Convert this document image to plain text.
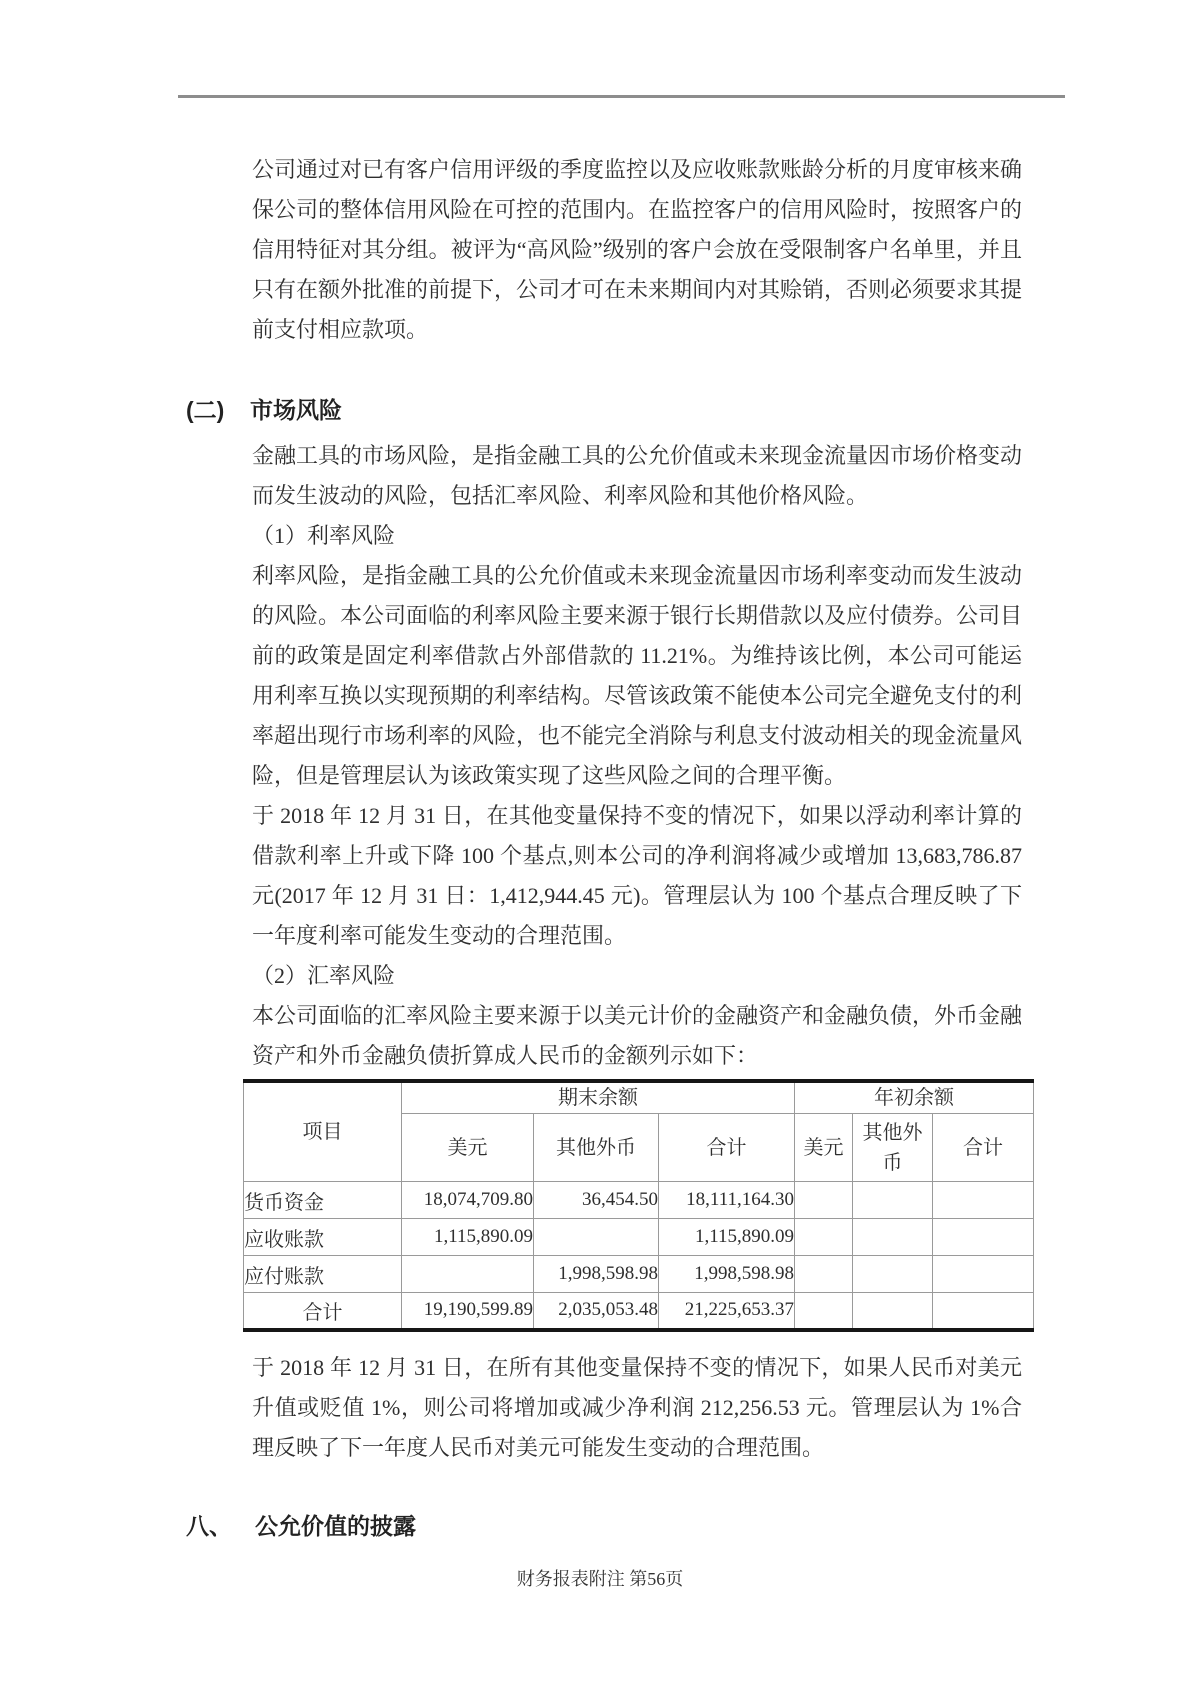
公司通过对已有客户信用评级的季度监控以及应收账款账龄分析的月度审核来确保公司的整体信用风险在可控的范围内。在监控客户的信用风险时，按照客户的信用特征对其分组。被评为“高风险”级别的客户会放在受限制客户名单里，并且只有在额外批准的前提下，公司才可在未来期间内对其赊销，否则必须要求其提前支付相应款项。

(二) 市场风险

金融工具的市场风险，是指金融工具的公允价值或未来现金流量因市场价格变动而发生波动的风险，包括汇率风险、利率风险和其他价格风险。

（1）利率风险

利率风险，是指金融工具的公允价值或未来现金流量因市场利率变动而发生波动的风险。本公司面临的利率风险主要来源于银行长期借款以及应付债券。公司目前的政策是固定利率借款占外部借款的 11.21%。为维持该比例，本公司可能运用利率互换以实现预期的利率结构。尽管该政策不能使本公司完全避免支付的利率超出现行市场利率的风险，也不能完全消除与利息支付波动相关的现金流量风险，但是管理层认为该政策实现了这些风险之间的合理平衡。

于 2018 年 12 月 31 日，在其他变量保持不变的情况下，如果以浮动利率计算的借款利率上升或下降 100 个基点,则本公司的净利润将减少或增加 13,683,786.87 元(2017 年 12 月 31 日：1,412,944.45 元)。管理层认为 100 个基点合理反映了下一年度利率可能发生变动的合理范围。

（2）汇率风险

本公司面临的汇率风险主要来源于以美元计价的金融资产和金融负债，外币金融资产和外币金融负债折算成人民币的金额列示如下：

项目	期末余额			年初余额		
	美元	其他外币	合计	美元	其他外币	合计
货币资金	18,074,709.80	36,454.50	18,111,164.30			
应收账款	1,115,890.09		1,115,890.09			
应付账款		1,998,598.98	1,998,598.98			
合计	19,190,599.89	2,035,053.48	21,225,653.37			

于 2018 年 12 月 31 日，在所有其他变量保持不变的情况下，如果人民币对美元升值或贬值 1%，则公司将增加或减少净利润 212,256.53 元。管理层认为 1%合理反映了下一年度人民币对美元可能发生变动的合理范围。

八、 公允价值的披露
财务报表附注 第56页
